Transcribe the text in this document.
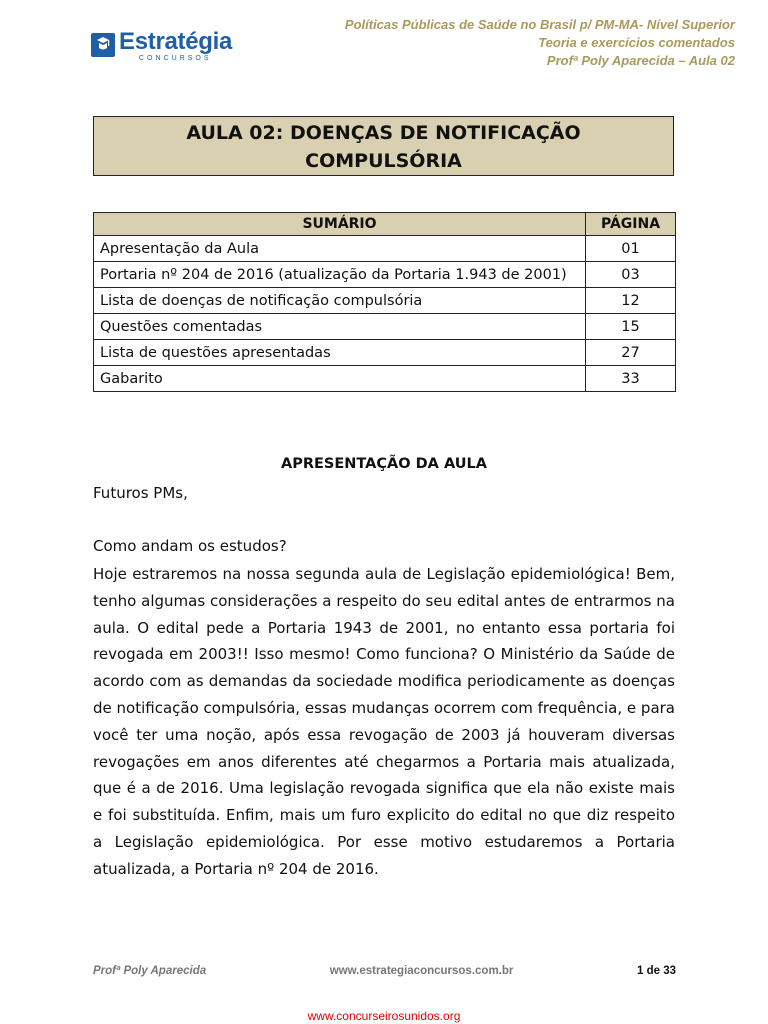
Estratégia
CONCURSOS
Políticas Públicas de Saúde no Brasil p/ PM-MA- Nível Superior
Teoria e exercícios comentados
Profª Poly Aparecida – Aula 02
AULA 02: DOENÇAS DE NOTIFICAÇÃO
COMPULSÓRIA
SUMÁRIO	PÁGINA
Apresentação da Aula	01
Portaria nº 204 de 2016 (atualização da Portaria 1.943 de 2001)	03
Lista de doenças de notificação compulsória	12
Questões comentadas	15
Lista de questões apresentadas	27
Gabarito	33
APRESENTAÇÃO DA AULA
Futuros PMs,
Como andam os estudos?
Hoje estraremos na nossa segunda aula de Legislação epidemiológica! Bem, tenho algumas considerações a respeito do seu edital antes de entrarmos na aula. O edital pede a Portaria 1943 de 2001, no entanto essa portaria foi revogada em 2003!! Isso mesmo! Como funciona? O Ministério da Saúde de acordo com as demandas da sociedade modifica periodicamente as doenças de notificação compulsória, essas mudanças ocorrem com frequência, e para você ter uma noção, após essa revogação de 2003 já houveram diversas revogações em anos diferentes até chegarmos a Portaria mais atualizada, que é a de 2016. Uma legislação revogada significa que ela não existe mais e foi substituída. Enfim, mais um furo explicito do edital no que diz respeito a Legislação epidemiológica. Por esse motivo estudaremos a Portaria atualizada, a Portaria nº 204 de 2016.
Profª Poly Aparecida	www.estrategiaconcursos.com.br	1 de 33
www.concurseirosunidos.org
